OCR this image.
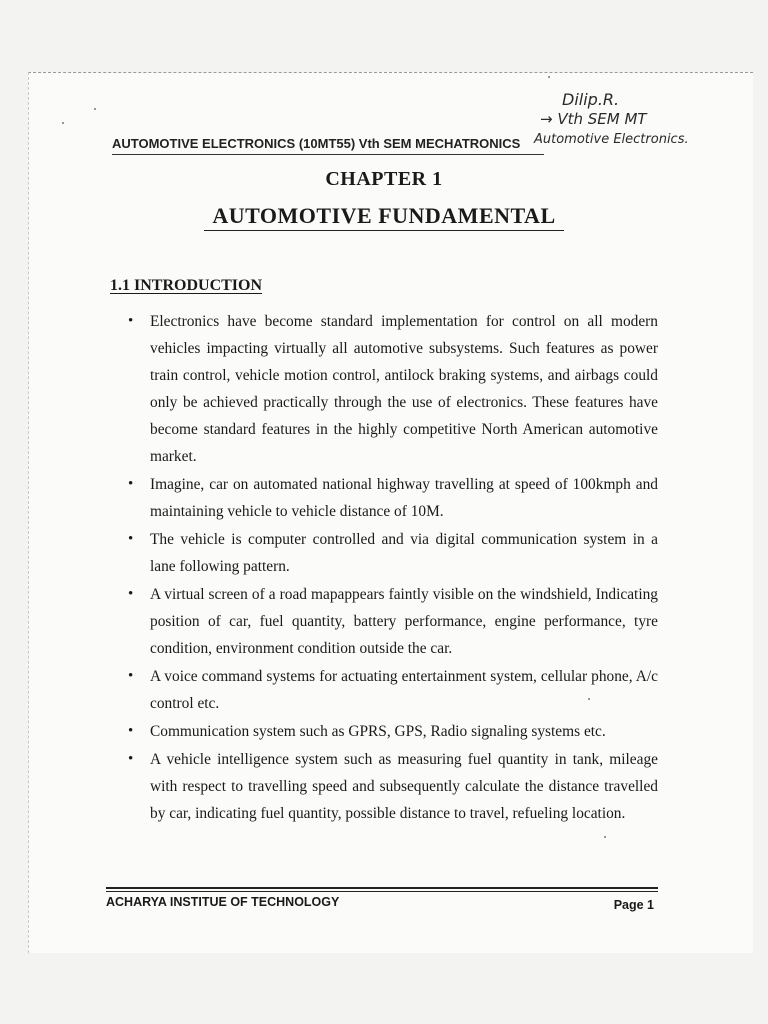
Dilip.R.
→ Vth SEM MT
Automotive Electronics.
AUTOMOTIVE ELECTRONICS (10MT55) Vth SEM MECHATRONICS
CHAPTER 1
AUTOMOTIVE FUNDAMENTAL
1.1 INTRODUCTION
• Electronics have become standard implementation for control on all modern vehicles impacting virtually all automotive subsystems. Such features as power train control, vehicle motion control, antilock braking systems, and airbags could only be achieved practically through the use of electronics. These features have become standard features in the highly competitive North American automotive market.
• Imagine, car on automated national highway travelling at speed of 100kmph and maintaining vehicle to vehicle distance of 10M.
• The vehicle is computer controlled and via digital communication system in a lane following pattern.
• A virtual screen of a road mapappears faintly visible on the windshield, Indicating position of car, fuel quantity, battery performance, engine performance, tyre condition, environment condition outside the car.
• A voice command systems for actuating entertainment system, cellular phone, A/c control etc.
• Communication system such as GPRS, GPS, Radio signaling systems etc.
• A vehicle intelligence system such as measuring fuel quantity in tank, mileage with respect to travelling speed and subsequently calculate the distance travelled by car, indicating fuel quantity, possible distance to travel, refueling location.
ACHARYA INSTITUE OF TECHNOLOGY	Page 1
